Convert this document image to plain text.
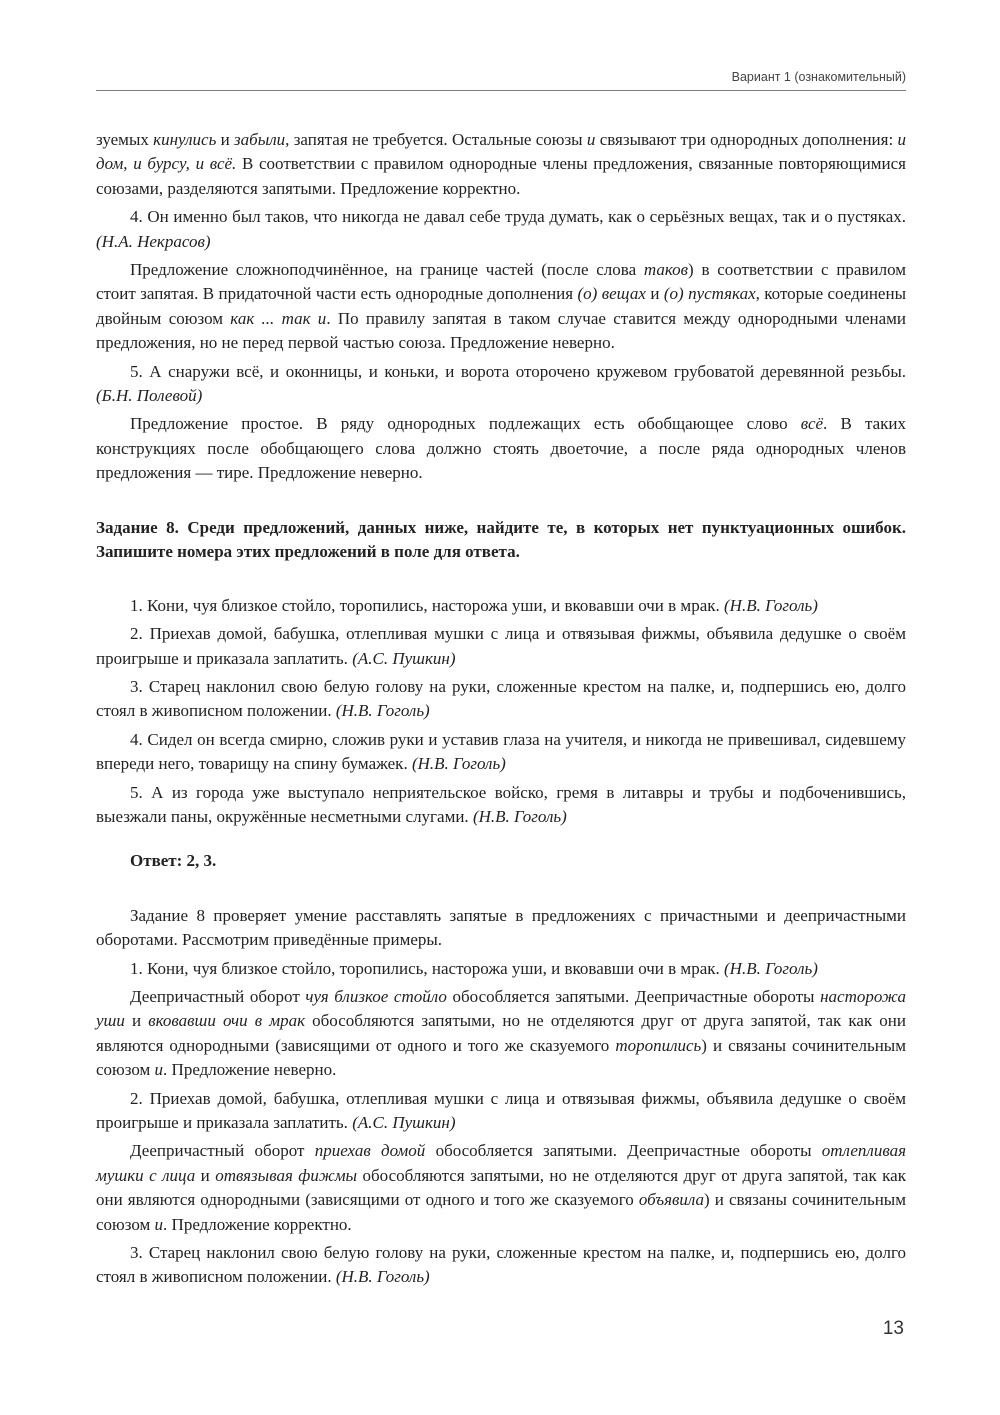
Вариант 1 (ознакомительный)

зуемых кинулись и забыли, запятая не требуется. Остальные союзы и связывают три однородных дополнения: и дом, и бурсу, и всё. В соответствии с правилом однородные члены предложения, связанные повторяющимися союзами, разделяются запятыми. Предложение корректно.

4. Он именно был таков, что никогда не давал себе труда думать, как о серьёзных вещах, так и о пустяках. (Н.А. Некрасов)

Предложение сложноподчинённое, на границе частей (после слова таков) в соответствии с правилом стоит запятая. В придаточной части есть однородные дополнения (о) вещах и (о) пустяках, которые соединены двойным союзом как ... так и. По правилу запятая в таком случае ставится между однородными членами предложения, но не перед первой частью союза. Предложение неверно.

5. А снаружи всё, и оконницы, и коньки, и ворота оторочено кружевом грубоватой деревянной резьбы. (Б.Н. Полевой)

Предложение простое. В ряду однородных подлежащих есть обобщающее слово всё. В таких конструкциях после обобщающего слова должно стоять двоеточие, а после ряда однородных членов предложения — тире. Предложение неверно.

Задание 8. Среди предложений, данных ниже, найдите те, в которых нет пунктуационных ошибок. Запишите номера этих предложений в поле для ответа.

1. Кони, чуя близкое стойло, торопились, насторожа уши, и вковавши очи в мрак. (Н.В. Гоголь)

2. Приехав домой, бабушка, отлепливая мушки с лица и отвязывая фижмы, объявила дедушке о своём проигрыше и приказала заплатить. (А.С. Пушкин)

3. Старец наклонил свою белую голову на руки, сложенные крестом на палке, и, подпершись ею, долго стоял в живописном положении. (Н.В. Гоголь)

4. Сидел он всегда смирно, сложив руки и уставив глаза на учителя, и никогда не привешивал, сидевшему впереди него, товарищу на спину бумажек. (Н.В. Гоголь)

5. А из города уже выступало неприятельское войско, гремя в литавры и трубы и подбоченившись, выезжали паны, окружённые несметными слугами. (Н.В. Гоголь)

Ответ: 2, 3.

Задание 8 проверяет умение расставлять запятые в предложениях с причастными и деепричастными оборотами. Рассмотрим приведённые примеры.

1. Кони, чуя близкое стойло, торопились, насторожа уши, и вковавши очи в мрак. (Н.В. Гоголь)

Деепричастный оборот чуя близкое стойло обособляется запятыми. Деепричастные обороты насторожа уши и вковавши очи в мрак обособляются запятыми, но не отделяются друг от друга запятой, так как они являются однородными (зависящими от одного и того же сказуемого торопились) и связаны сочинительным союзом и. Предложение неверно.

2. Приехав домой, бабушка, отлепливая мушки с лица и отвязывая фижмы, объявила дедушке о своём проигрыше и приказала заплатить. (А.С. Пушкин)

Деепричастный оборот приехав домой обособляется запятыми. Деепричастные обороты отлепливая мушки с лица и отвязывая фижмы обособляются запятыми, но не отделяются друг от друга запятой, так как они являются однородными (зависящими от одного и того же сказуемого объявила) и связаны сочинительным союзом и. Предложение корректно.

3. Старец наклонил свою белую голову на руки, сложенные крестом на палке, и, подпершись ею, долго стоял в живописном положении. (Н.В. Гоголь)

13
